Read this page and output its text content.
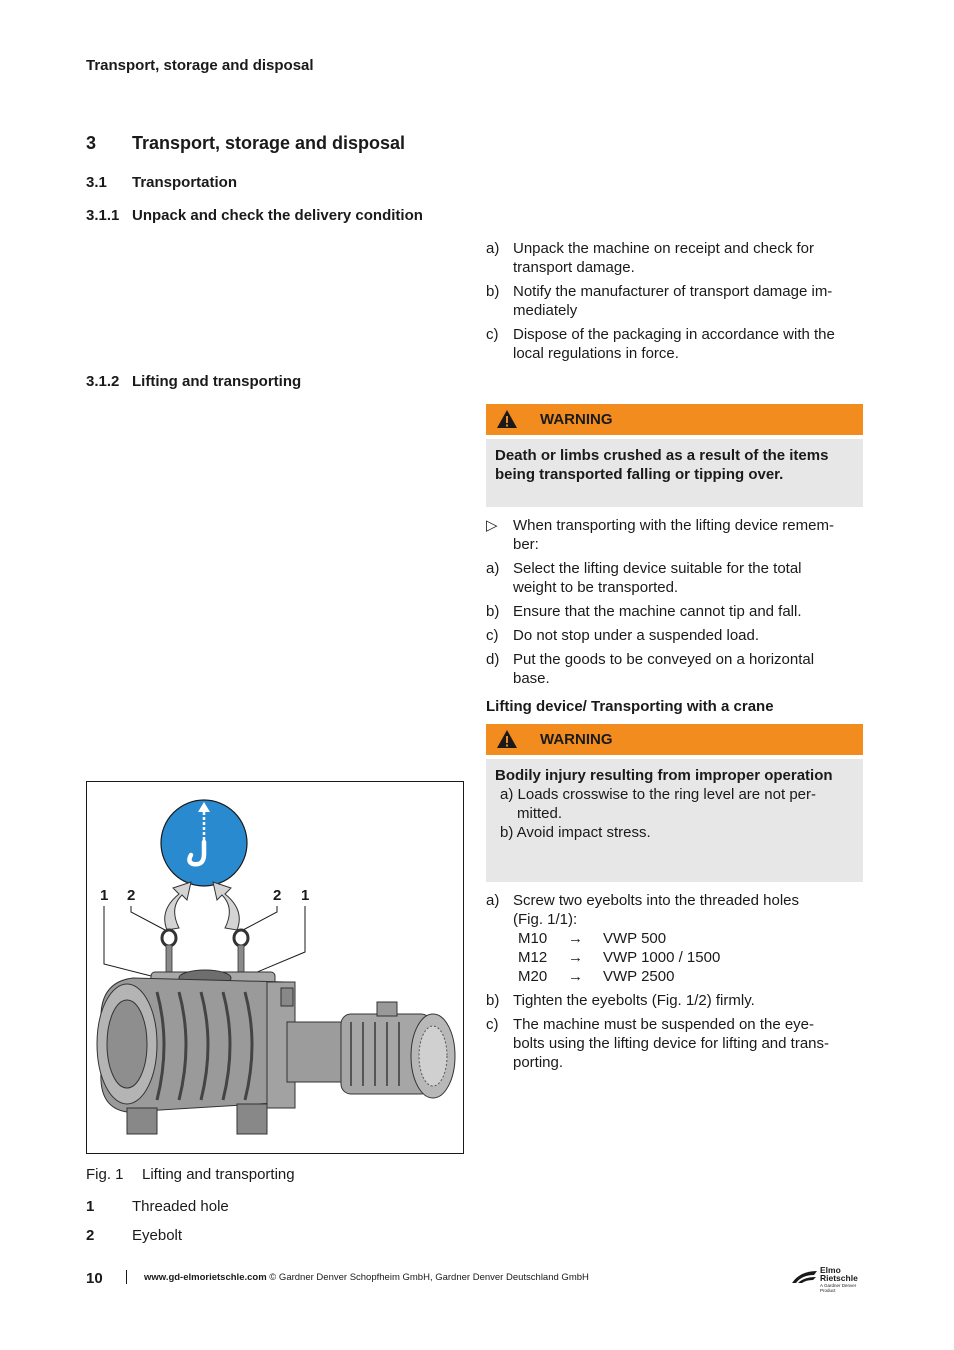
Transport, storage and disposal
3 Transport, storage and disposal
3.1 Transportation
3.1.1 Unpack and check the delivery condition
a) Unpack the machine on receipt and check for
transport damage.
b) Notify the manufacturer of transport damage im-
mediately
c) Dispose of the packaging in accordance with the
local regulations in force.
3.1.2 Lifting and transporting
WARNING
Death or limbs crushed as a result of the items
being transported falling or tipping over.
▷ When transporting with the lifting device remem-
ber:
a) Select the lifting device suitable for the total
weight to be transported.
b) Ensure that the machine cannot tip and fall.
c) Do not stop under a suspended load.
d) Put the goods to be conveyed on a horizontal
base.
Lifting device/ Transporting with a crane
WARNING
Bodily injury resulting from improper operation
a) Loads crosswise to the ring level are not per-
mitted.
b) Avoid impact stress.
a) Screw two eyebolts into the threaded holes
(Fig. 1/1):
M10	→	VWP 500
M12	→	VWP 1000 / 1500
M20	→	VWP 2500
b) Tighten the eyebolts (Fig. 1/2) firmly.
c) The machine must be suspended on the eye-
bolts using the lifting device for lifting and trans-
porting.
1 2	2 1
Fig. 1 Lifting and transporting
1	Threaded hole
2	Eyebolt
10	www.gd-elmorietschle.com © Gardner Denver Schopfheim GmbH, Gardner Denver Deutschland GmbH
Elmo
Rietschle
A Gardner Denver Product
